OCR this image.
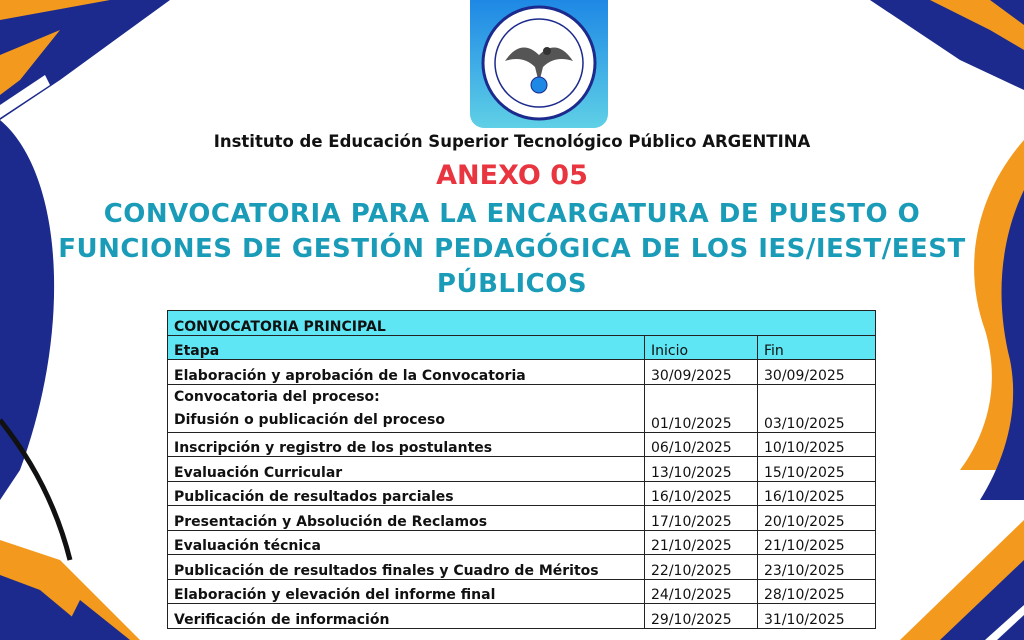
Instituto de Educación Superior Tecnológico Público ARGENTINA
ANEXO 05
CONVOCATORIA PARA LA ENCARGATURA DE PUESTO O
FUNCIONES DE GESTIÓN PEDAGÓGICA DE LOS IES/IEST/EEST
PÚBLICOS
CONVOCATORIA PRINCIPAL		
Etapa	Inicio	Fin
Elaboración y aprobación de la Convocatoria	30/09/2025	30/09/2025

Convocatoria del proceso:
Difusión o publicación del proceso	01/10/2025	03/10/2025
Inscripción y registro de los postulantes	06/10/2025	10/10/2025
Evaluación Curricular	13/10/2025	15/10/2025
Publicación de resultados parciales	16/10/2025	16/10/2025
Presentación y Absolución de Reclamos	17/10/2025	20/10/2025
Evaluación técnica	21/10/2025	21/10/2025
Publicación de resultados finales y Cuadro de Méritos	22/10/2025	23/10/2025
Elaboración y elevación del informe final	24/10/2025	28/10/2025
Verificación de información	29/10/2025	31/10/2025
